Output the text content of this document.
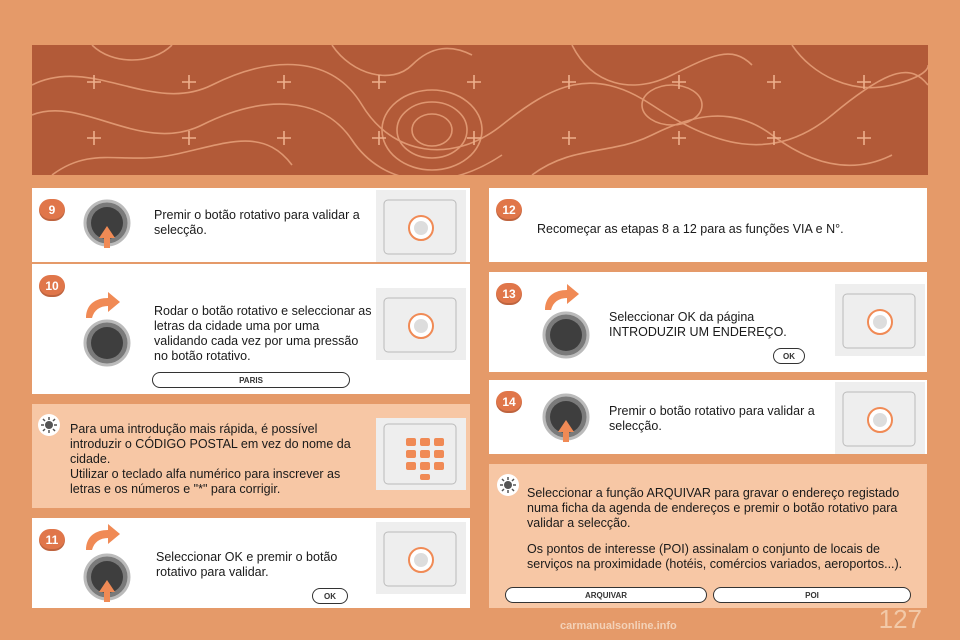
9	Premir o botão rotativo para validar a selecção.
10
Rodar o botão rotativo e seleccionar as letras da cidade uma por uma validando cada vez por uma pressão no botão rotativo.
PARIS
Para uma introdução mais rápida, é possível introduzir o CÓDIGO POSTAL em vez do nome da cidade.
Utilizar o teclado alfa numérico para inscrever as letras e os números e "*" para corrigir.
11
Seleccionar OK e premir o botão rotativo para validar.
OK
12
Recomeçar as etapas 8 a 12 para as funções VIA e N°.
13
Seleccionar OK da página INTRODUZIR UM ENDEREÇO.
OK
14
Premir o botão rotativo para validar a selecção.
Seleccionar a função ARQUIVAR para gravar o endereço registado numa ficha da agenda de endereços e premir o botão rotativo para validar a selecção.
Os pontos de interesse (POI) assinalam o conjunto de locais de serviços na proximidade (hotéis, comércios variados, aeroportos...).
ARQUIVAR	POI
127
carmanualsonline.info
